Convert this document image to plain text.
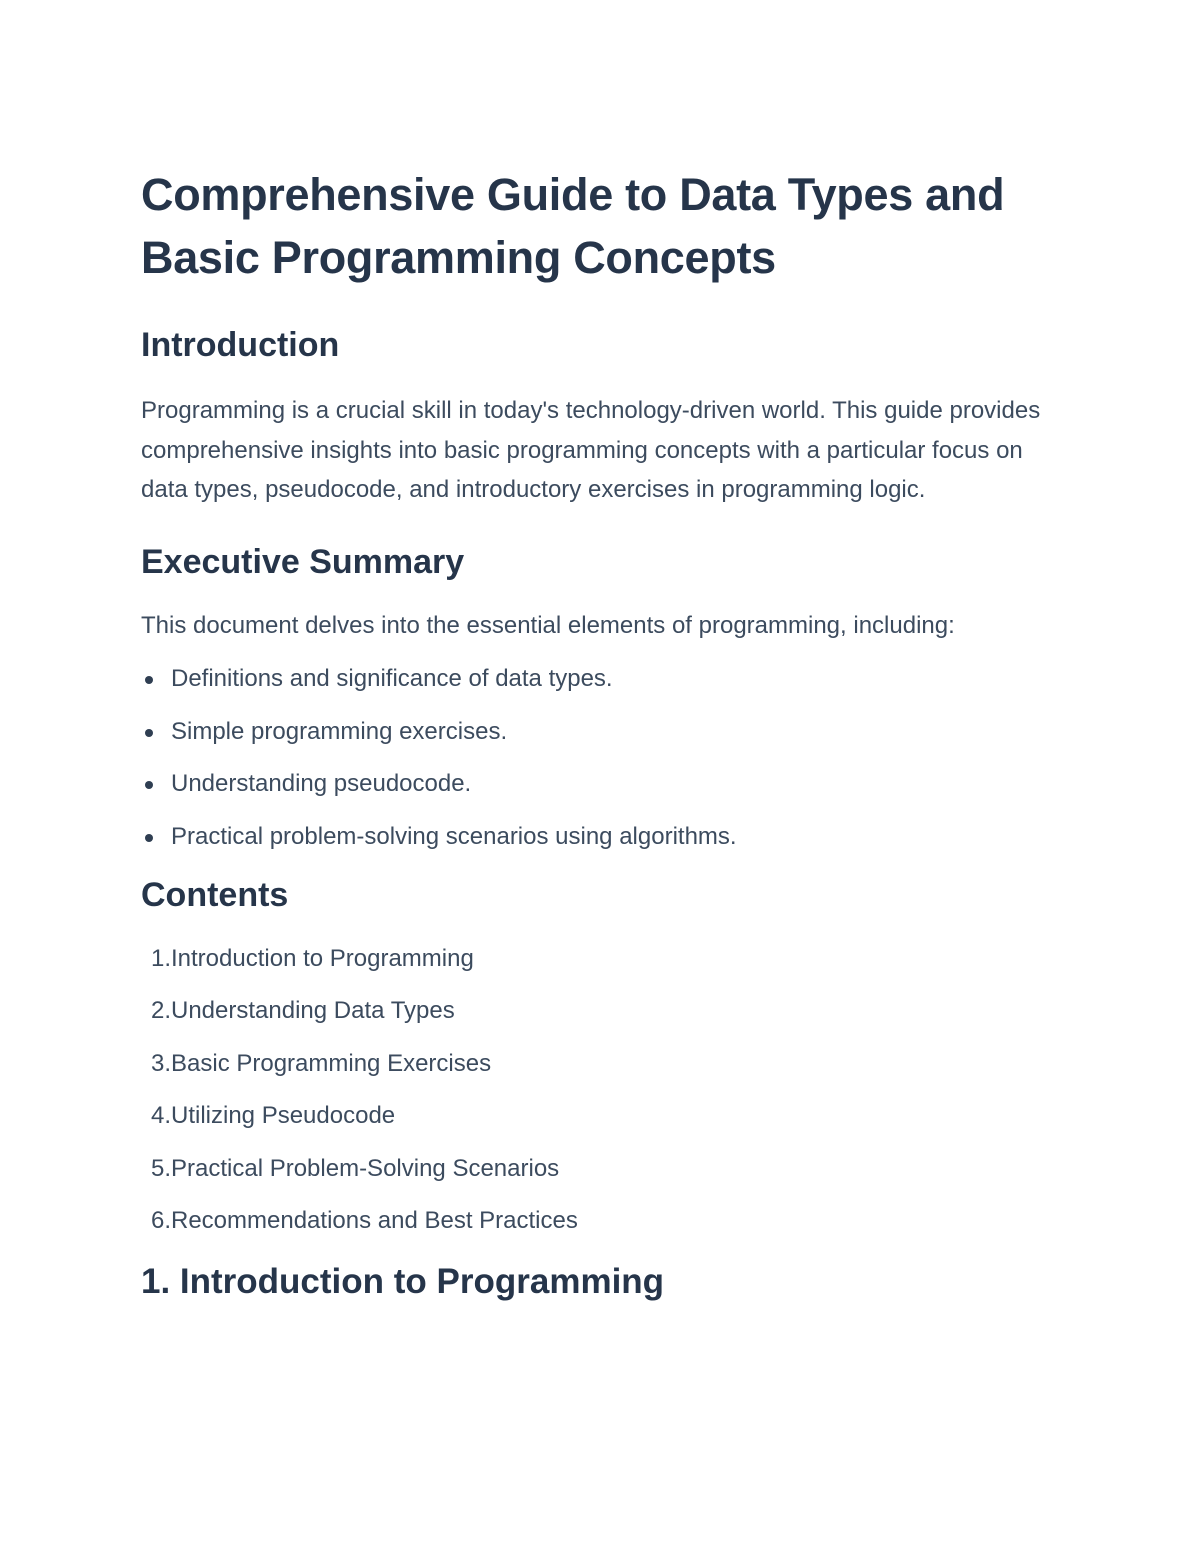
Comprehensive Guide to Data Types and Basic Programming Concepts
Introduction

Programming is a crucial skill in today's technology-driven world. This guide provides comprehensive insights into basic programming concepts with a particular focus on data types, pseudocode, and introductory exercises in programming logic.

Executive Summary

This document delves into the essential elements of programming, including:

Definitions and significance of data types.
Simple programming exercises.
Understanding pseudocode.
Practical problem-solving scenarios using algorithms.
Contents
1. Introduction to Programming
2. Understanding Data Types
3. Basic Programming Exercises
4. Utilizing Pseudocode
5. Practical Problem-Solving Scenarios
6. Recommendations and Best Practices
1. Introduction to Programming
